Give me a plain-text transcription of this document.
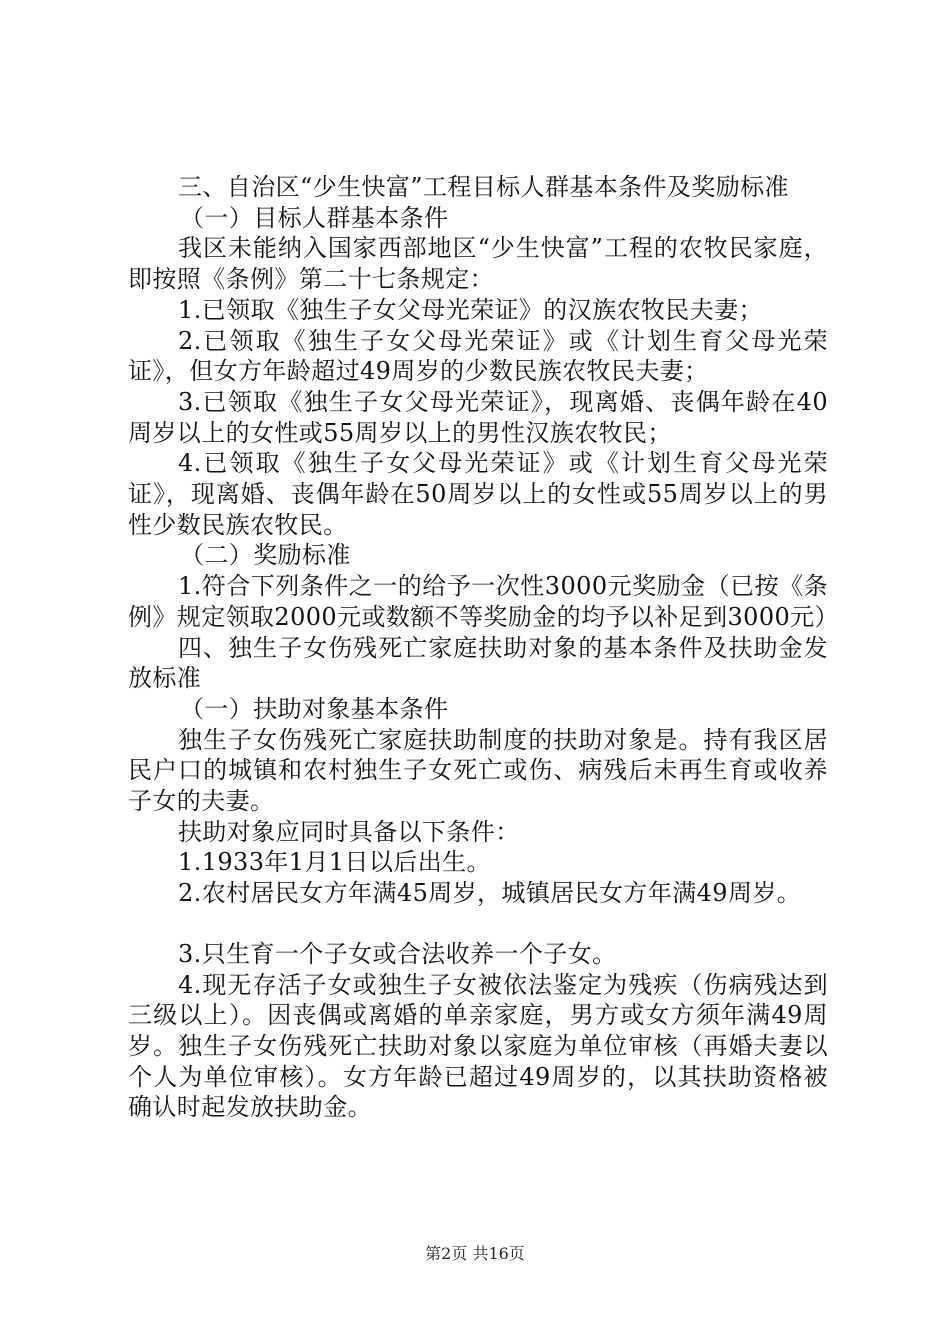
三、自治区“少生快富”工程目标人群基本条件及奖励标准

（一）目标人群基本条件

我区未能纳入国家西部地区“少生快富”工程的农牧民家庭，即按照《条例》第二十七条规定：

1.已领取《独生子女父母光荣证》的汉族农牧民夫妻；

2.已领取《独生子女父母光荣证》或《计划生育父母光荣证》，但女方年龄超过49周岁的少数民族农牧民夫妻；

3.已领取《独生子女父母光荣证》，现离婚、丧偶年龄在40周岁以上的女性或55周岁以上的男性汉族农牧民；

4.已领取《独生子女父母光荣证》或《计划生育父母光荣证》，现离婚、丧偶年龄在50周岁以上的女性或55周岁以上的男性少数民族农牧民。

（二）奖励标准

1.符合下列条件之一的给予一次性3000元奖励金（已按《条例》规定领取2000元或数额不等奖励金的均予以补足到3000元）

四、独生子女伤残死亡家庭扶助对象的基本条件及扶助金发放标准

（一）扶助对象基本条件

独生子女伤残死亡家庭扶助制度的扶助对象是。持有我区居民户口的城镇和农村独生子女死亡或伤、病残后未再生育或收养子女的夫妻。

扶助对象应同时具备以下条件：

1.1933年1月1日以后出生。

2.农村居民女方年满45周岁，城镇居民女方年满49周岁。

3.只生育一个子女或合法收养一个子女。

4.现无存活子女或独生子女被依法鉴定为残疾（伤病残达到三级以上）。因丧偶或离婚的单亲家庭，男方或女方须年满49周岁。独生子女伤残死亡扶助对象以家庭为单位审核（再婚夫妻以个人为单位审核）。女方年龄已超过49周岁的，以其扶助资格被确认时起发放扶助金。

第2页 共16页
